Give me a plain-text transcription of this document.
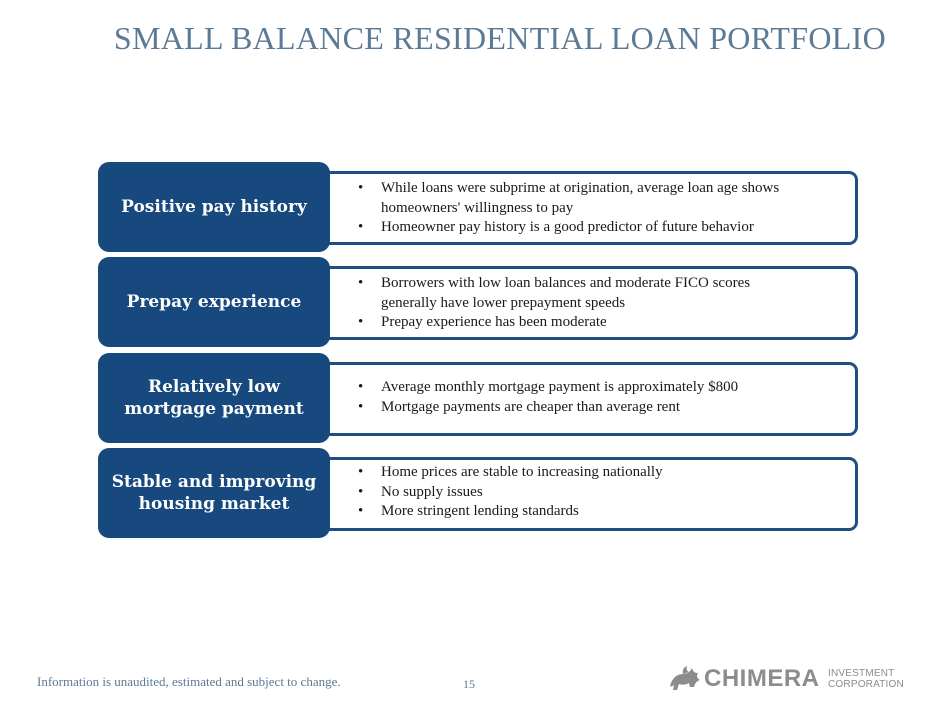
SMALL BALANCE RESIDENTIAL LOAN PORTFOLIO
Positive pay history
• While loans were subprime at origination, average loan age shows
homeowners' willingness to pay
• Homeowner pay history is a good predictor of future behavior
Prepay experience
• Borrowers with low loan balances and moderate FICO scores
generally have lower prepayment speeds
• Prepay experience has been moderate
Relatively low
mortgage payment
• Average monthly mortgage payment is approximately $800
• Mortgage payments are cheaper than average rent
Stable and improving
housing market
• Home prices are stable to increasing nationally
• No supply issues
• More stringent lending standards
Information is unaudited, estimated and subject to change.	15	CHIMERA INVESTMENT
CORPORATION
